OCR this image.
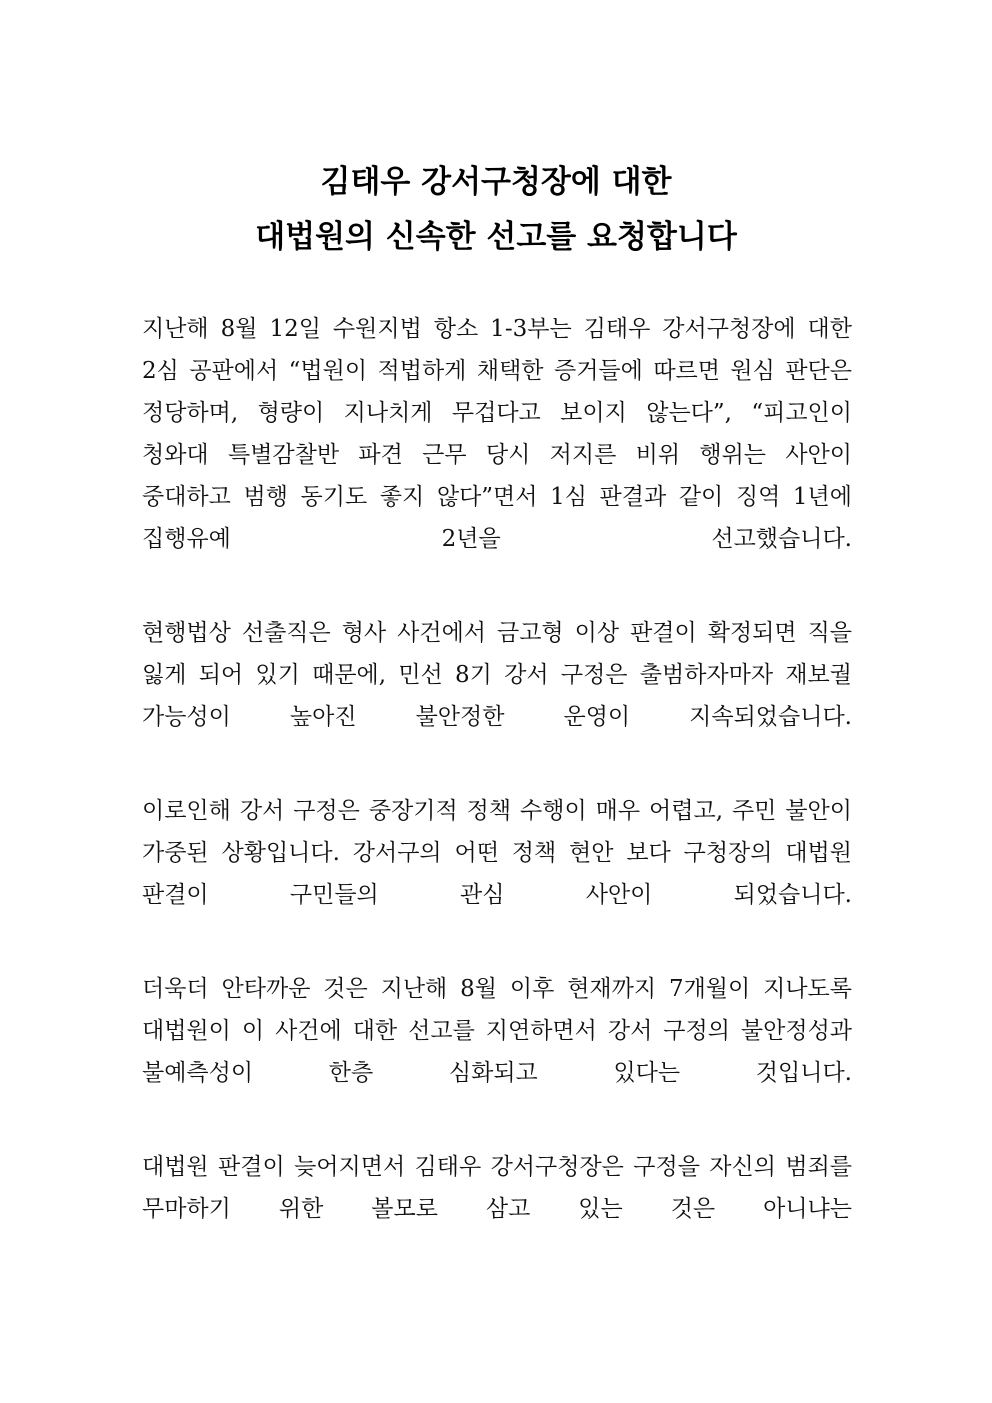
김태우 강서구청장에 대한
대법원의 신속한 선고를 요청합니다

지난해 8월 12일 수원지법 항소 1-3부는 김태우 강서구청장에 대한 2심 공판에서 “법원이 적법하게 채택한 증거들에 따르면 원심 판단은 정당하며, 형량이 지나치게 무겁다고 보이지 않는다”, “피고인이 청와대 특별감찰반 파견 근무 당시 저지른 비위 행위는 사안이 중대하고 범행 동기도 좋지 않다”면서 1심 판결과 같이 징역 1년에 집행유예 2년을 선고했습니다.

현행법상 선출직은 형사 사건에서 금고형 이상 판결이 확정되면 직을 잃게 되어 있기 때문에, 민선 8기 강서 구정은 출범하자마자 재보궐 가능성이 높아진 불안정한 운영이 지속되었습니다.

이로인해 강서 구정은 중장기적 정책 수행이 매우 어렵고, 주민 불안이 가중된 상황입니다. 강서구의 어떤 정책 현안 보다 구청장의 대법원 판결이 구민들의 관심 사안이 되었습니다.

더욱더 안타까운 것은 지난해 8월 이후 현재까지 7개월이 지나도록 대법원이 이 사건에 대한 선고를 지연하면서 강서 구정의 불안정성과 불예측성이 한층 심화되고 있다는 것입니다.

대법원 판결이 늦어지면서 김태우 강서구청장은 구정을 자신의 범죄를 무마하기 위한 볼모로 삼고 있는 것은 아니냐는
